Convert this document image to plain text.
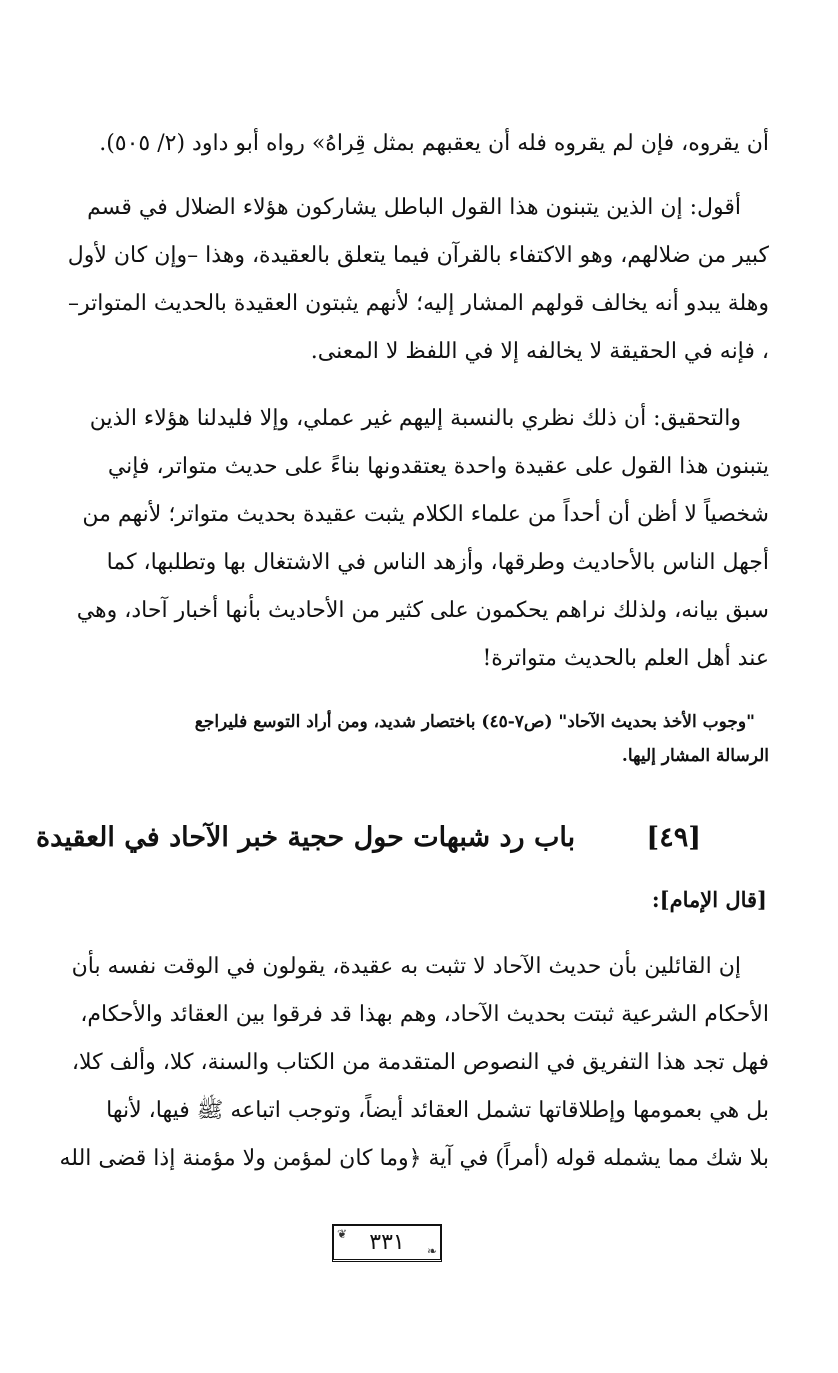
أن يقروه، فإن لم يقروه فله أن يعقبهم بمثل قِراهُ» رواه أبو داود (٢/ ٥٠٥).
أقول: إن الذين يتبنون هذا القول الباطل يشاركون هؤلاء الضلال في قسم
كبير من ضلالهم، وهو الاكتفاء بالقرآن فيما يتعلق بالعقيدة، وهذا –وإن كان لأول
وهلة يبدو أنه يخالف قولهم المشار إليه؛ لأنهم يثبتون العقيدة بالحديث المتواتر–
، فإنه في الحقيقة لا يخالفه إلا في اللفظ لا المعنى.
والتحقيق: أن ذلك نظري بالنسبة إليهم غير عملي، وإلا فليدلنا هؤلاء الذين
يتبنون هذا القول على عقيدة واحدة يعتقدونها بناءً على حديث متواتر، فإني
شخصياً لا أظن أن أحداً من علماء الكلام يثبت عقيدة بحديث متواتر؛ لأنهم من
أجهل الناس بالأحاديث وطرقها، وأزهد الناس في الاشتغال بها وتطلبها، كما
سبق بيانه، ولذلك نراهم يحكمون على كثير من الأحاديث بأنها أخبار آحاد، وهي
عند أهل العلم بالحديث متواترة!
"وجوب الأخذ بحديث الآحاد" (ص٧-٤٥) باختصار شديد، ومن أراد التوسع فليراجع
الرسالة المشار إليها.
[٤٩]
باب رد شبهات حول حجية خبر الآحاد في العقيدة
[قال الإمام]:
إن القائلين بأن حديث الآحاد لا تثبت به عقيدة، يقولون في الوقت نفسه بأن
الأحكام الشرعية ثبتت بحديث الآحاد، وهم بهذا قد فرقوا بين العقائد والأحكام،
فهل تجد هذا التفريق في النصوص المتقدمة من الكتاب والسنة، كلا، وألف كلا،
بل هي بعمومها وإطلاقاتها تشمل العقائد أيضاً، وتوجب اتباعه ﷺ فيها، لأنها
بلا شك مما يشمله قوله (أمراً) في آية ﴿وما كان لمؤمن ولا مؤمنة إذا قضى الله
❦ ٣٣١ ❧
